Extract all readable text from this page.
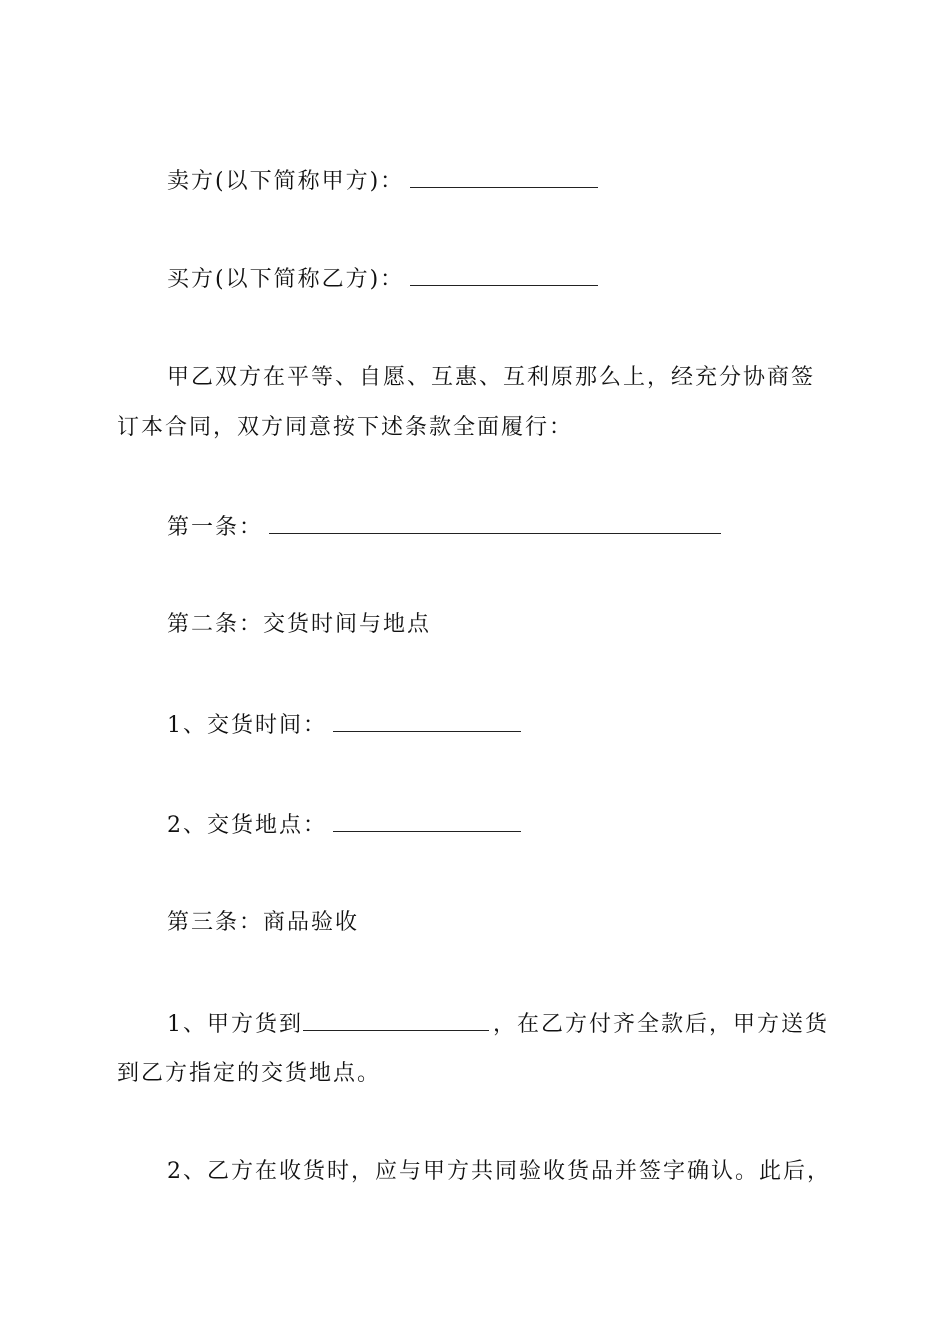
卖方(以下简称甲方)：
买方(以下简称乙方)：
甲乙双方在平等、自愿、互惠、互利原那么上，经充分协商签
订本合同，双方同意按下述条款全面履行：
第一条：
第二条：交货时间与地点
1、交货时间：
2、交货地点：
第三条：商品验收
1、甲方货到	，在乙方付齐全款后，甲方送货
到乙方指定的交货地点。
2、乙方在收货时，应与甲方共同验收货品并签字确认。此后，
